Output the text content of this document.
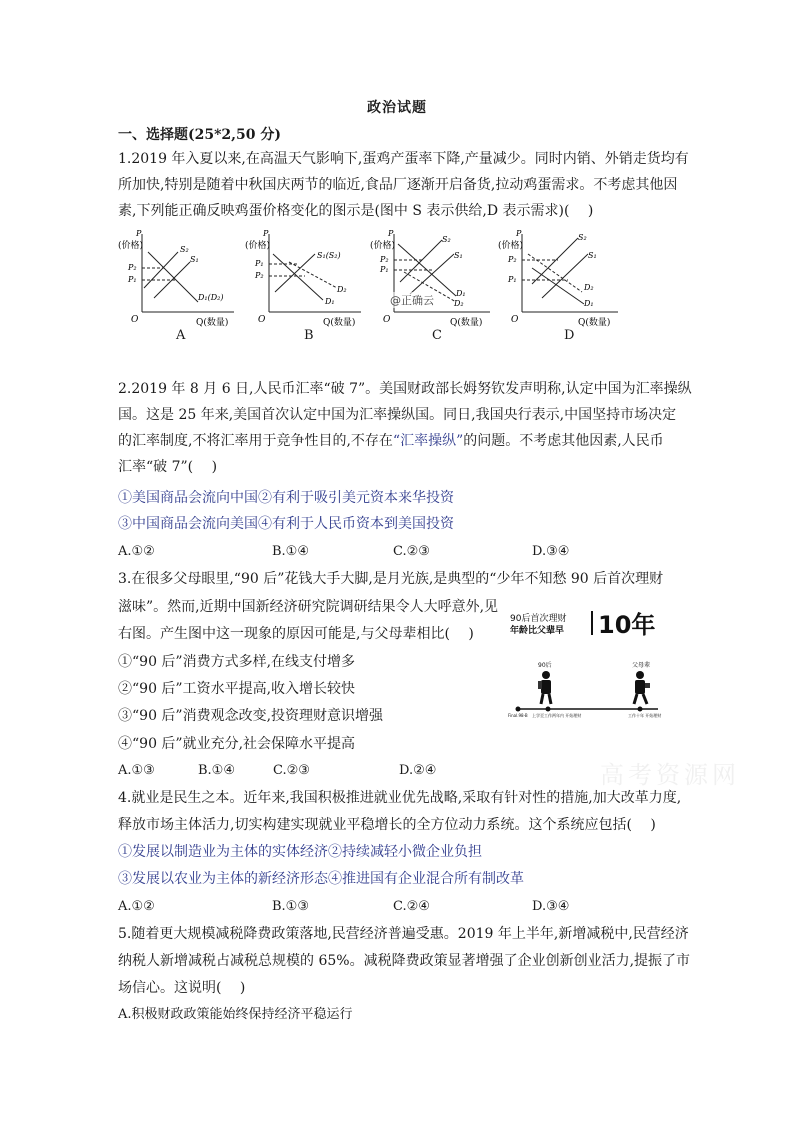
政治试题
一、选择题(25*2,50 分)
1.2019 年入夏以来,在高温天气影响下,蛋鸡产蛋率下降,产量减少。同时内销、外销走货均有
所加快,特别是随着中秋国庆两节的临近,食品厂逐渐开启备货,拉动鸡蛋需求。不考虑其他因
素,下列能正确反映鸡蛋价格变化的图示是(图中 S 表示供给,D 表示需求)(　 )
P
(价格)
O	Q(数量)
P₂
P₁
S₂
S₁
D₁(D₂)
P
(价格)
O	Q(数量)
P₁
P₂
S₁(S₂)
D₂
D₁
P
(价格)
O	Q(数量)
P₂
P₁
S₂
S₁
D₁
D₂
@正确云
P
(价格)
O	Q(数量)
P₂
P₁
S₂
S₁
D₂
D₁
A	B	C	D
2.2019 年 8 月 6 日,人民币汇率“破 7”。美国财政部长姆努钦发声明称,认定中国为汇率操纵
国。这是 25 年来,美国首次认定中国为汇率操纵国。同日,我国央行表示,中国坚持市场决定
的汇率制度,不将汇率用于竞争性目的,不存在“汇率操纵”的问题。不考虑其他因素,人民币
汇率“破 7”(　 )
①美国商品会流向中国②有利于吸引美元资本来华投资
③中国商品会流向美国④有利于人民币资本到美国投资
A.①②	B.①④	C.②③	D.③④
3.在很多父母眼里,“90 后”花钱大手大脚,是月光族,是典型的“少年不知愁 90 后首次理财
滋味”。然而,近期中国新经济研究院调研结果令人大呼意外,见
右图。产生图中这一现象的原因可能是,与父母辈相比(　 )
①“90 后”消费方式多样,在线支付增多
②“90 后”工资水平提高,收入增长较快
③“90 后”消费观念改变,投资理财意识增强
④“90 后”就业充分,社会保障水平提高
A.①③	B.①④	C.②③	D.②④
90后首次理财
年龄比父辈早 10年
90后	父母辈
Final.98-B 上学至工作两年内 开始理财	工作十年 开始理财
高考资源网
4.就业是民生之本。近年来,我国积极推进就业优先战略,采取有针对性的措施,加大改革力度,
释放市场主体活力,切实构建实现就业平稳增长的全方位动力系统。这个系统应包括(　 )
①发展以制造业为主体的实体经济②持续减轻小微企业负担
③发展以农业为主体的新经济形态④推进国有企业混合所有制改革
A.①②	B.①③	C.②④	D.③④
5.随着更大规模减税降费政策落地,民营经济普遍受惠。2019 年上半年,新增减税中,民营经济
纳税人新增减税占减税总规模的 65%。减税降费政策显著增强了企业创新创业活力,提振了市
场信心。这说明(　 )
A.积极财政政策能始终保持经济平稳运行
